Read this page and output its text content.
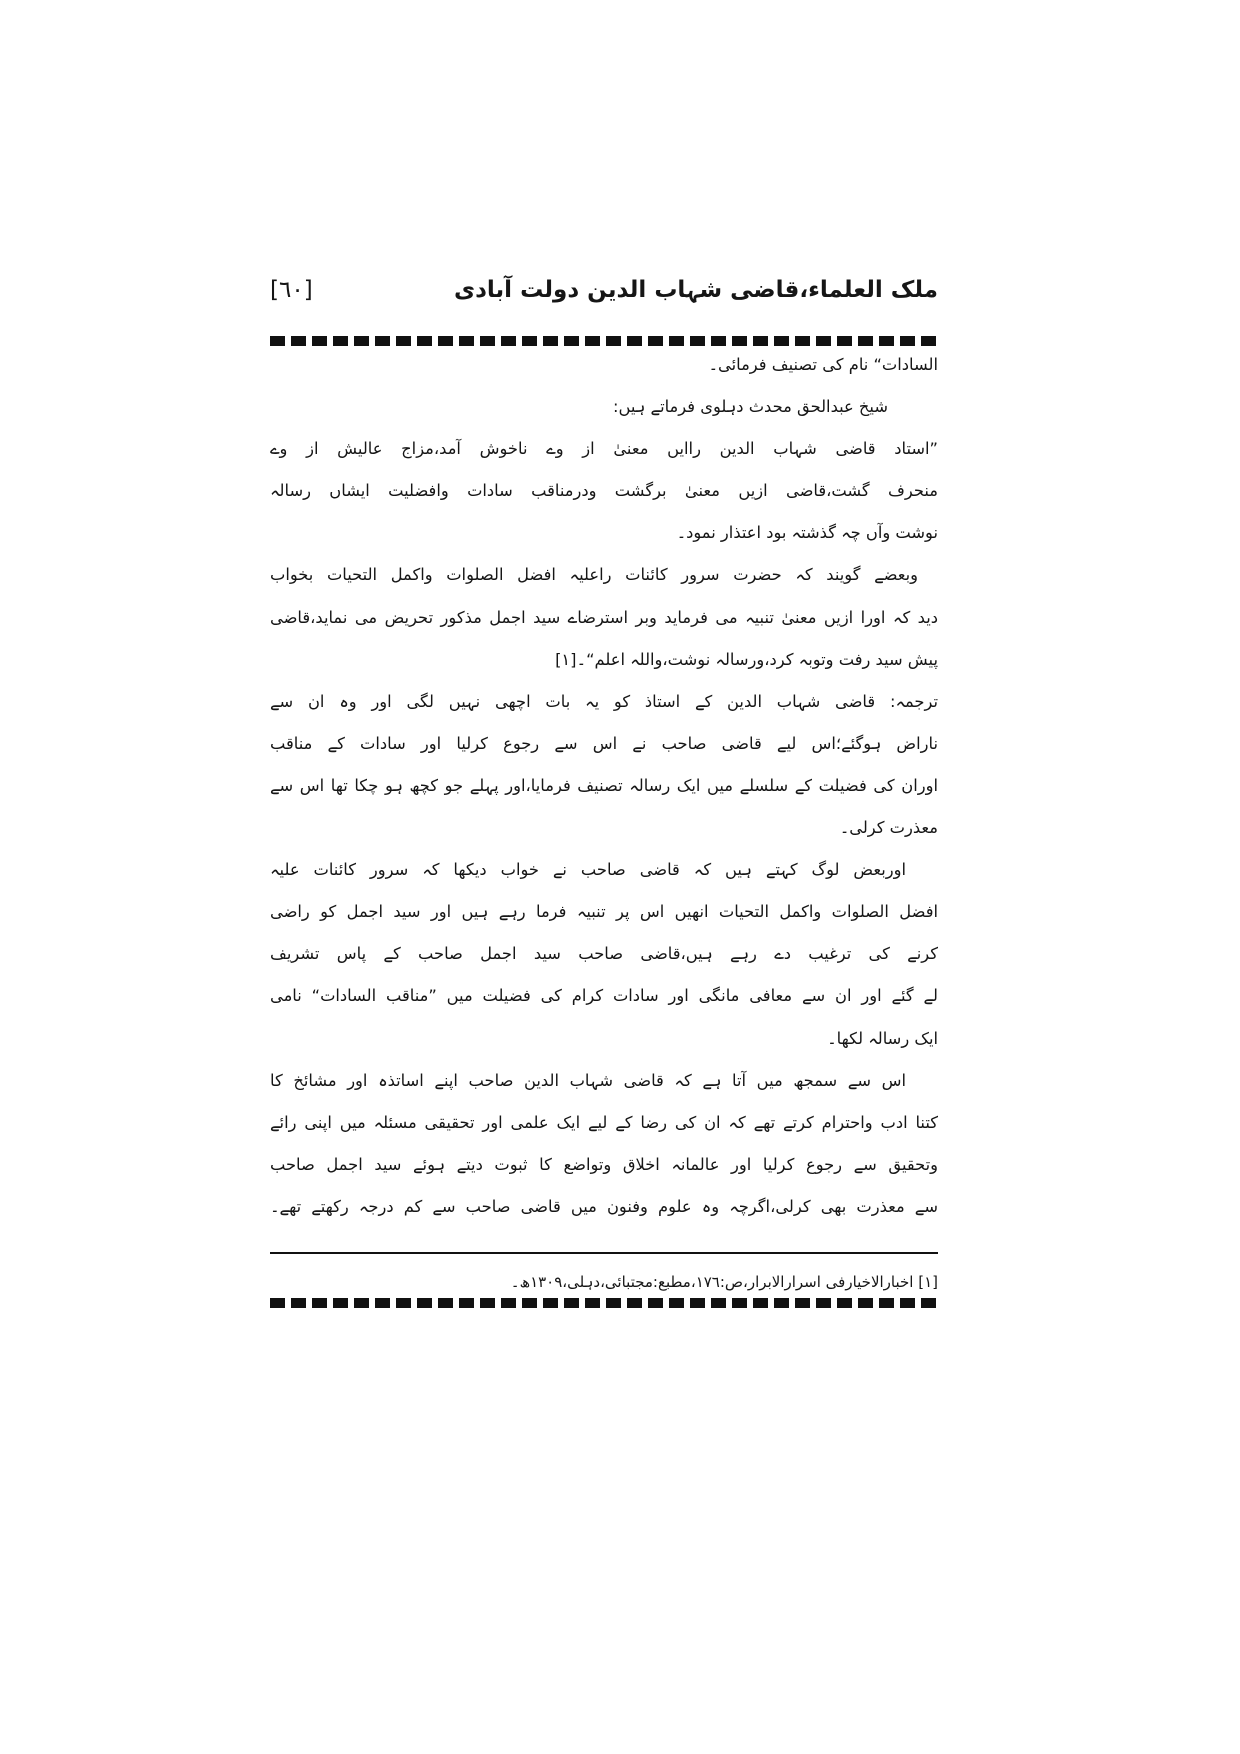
ملک العلماء،قاضی شہاب الدین دولت آبادی
[٦٠]
السادات“ نام کی تصنیف فرمائی۔
شیخ عبدالحق محدث دہلوی فرماتے ہیں:
”استاد قاضی شہاب الدین راایں معنیٰ از وے ناخوش آمد،مزاج عالیش از وے
منحرف گشت،قاضی ازیں معنیٰ برگشت ودرمناقب سادات وافضلیت ایشاں رسالہ
نوشت وآں چہ گذشتہ بود اعتذار نمود۔
وبعضے گویند کہ حضرت سرور کائنات راعلیہ افضل الصلوات واکمل التحیات بخواب
دید کہ اورا ازیں معنیٰ تنبیہ می فرماید وبر استرضاے سید اجمل مذکور تحریض می نماید،قاضی
پیش سید رفت وتوبہ کرد،ورسالہ نوشت،واللہ اعلم“۔[١]
ترجمہ: قاضی شہاب الدین کے استاذ کو یہ بات اچھی نہیں لگی اور وہ ان سے
ناراض ہوگئے؛اس لیے قاضی صاحب نے اس سے رجوع کرلیا اور سادات کے مناقب
اوران کی فضیلت کے سلسلے میں ایک رسالہ تصنیف فرمایا،اور پہلے جو کچھ ہو چکا تھا اس سے
معذرت کرلی۔
اوربعض لوگ کہتے ہیں کہ قاضی صاحب نے خواب دیکھا کہ سرور کائنات علیہ
افضل الصلوات واکمل التحیات انھیں اس پر تنبیہ فرما رہے ہیں اور سید اجمل کو راضی
کرنے کی ترغیب دے رہے ہیں،قاضی صاحب سید اجمل صاحب کے پاس تشریف
لے گئے اور ان سے معافی مانگی اور سادات کرام کی فضیلت میں ”مناقب السادات“ نامی
ایک رسالہ لکھا۔
اس سے سمجھ میں آتا ہے کہ قاضی شہاب الدین صاحب اپنے اساتذہ اور مشائخ کا
کتنا ادب واحترام کرتے تھے کہ ان کی رضا کے لیے ایک علمی اور تحقیقی مسئلہ میں اپنی رائے
وتحقیق سے رجوع کرلیا اور عالمانہ اخلاق وتواضع کا ثبوت دیتے ہوئے سید اجمل صاحب
سے معذرت بھی کرلی،اگرچہ وہ علوم وفنون میں قاضی صاحب سے کم درجہ رکھتے تھے۔
[١] اخبارالاخیارفی اسرارالابرار،ص:١٧٦،مطبع:مجتبائی،دہلی،١٣٠٩ھ۔
